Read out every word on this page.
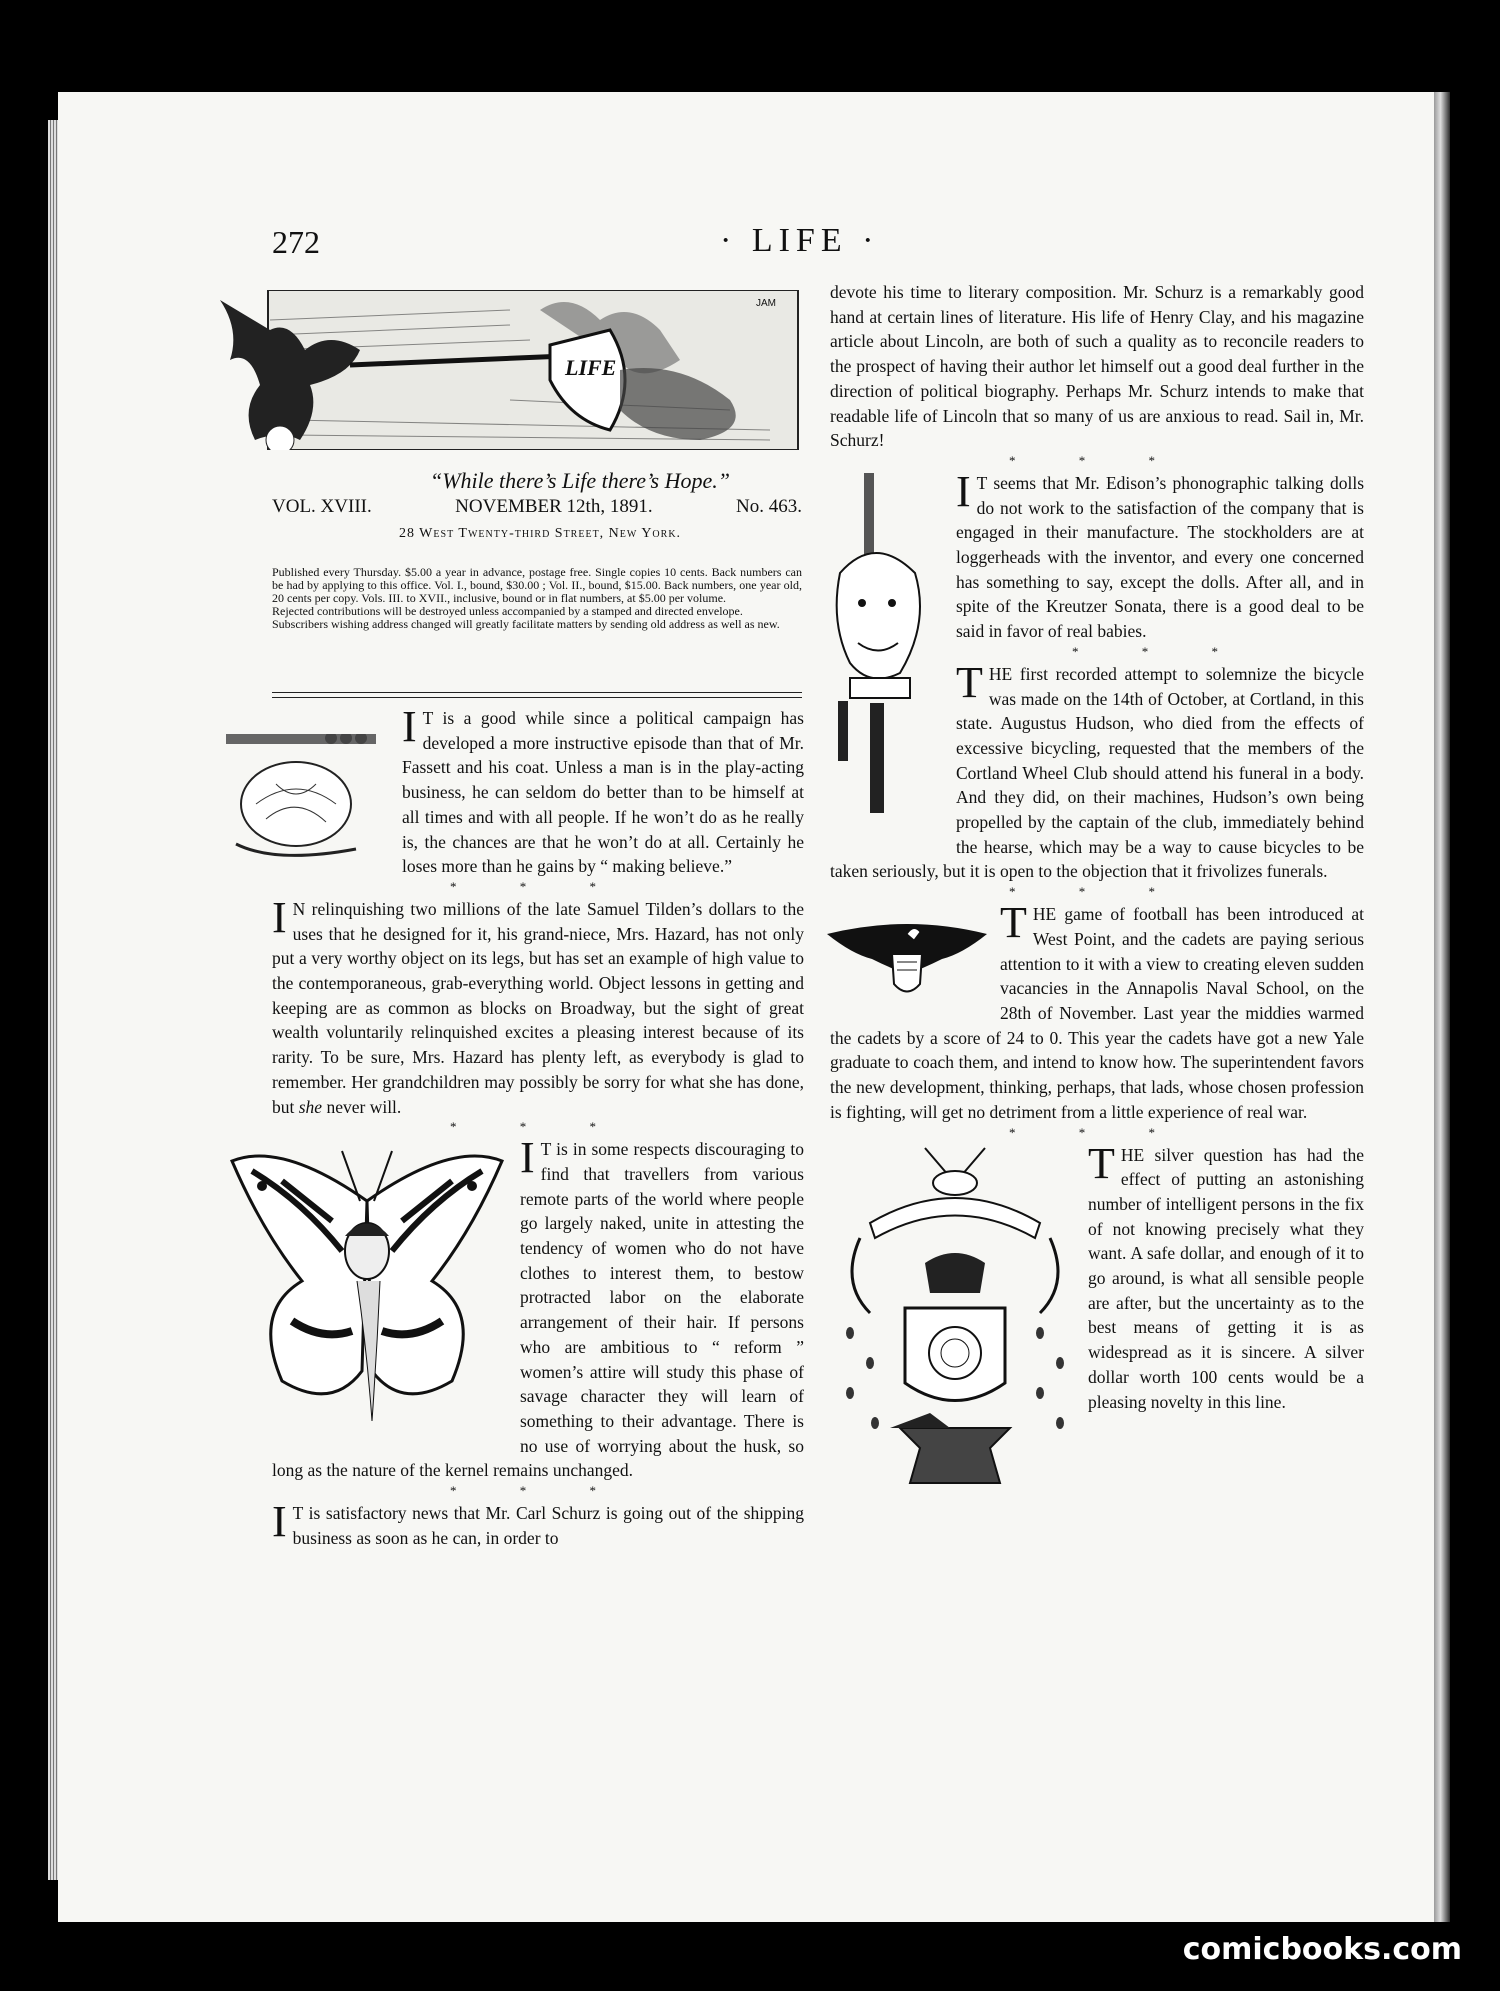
272	· LIFE ·
LIFE
JAM
“While there’s Life there’s Hope.”
VOL. XVIII.	NOVEMBER 12th, 1891.	No. 463.
28 West Twenty-third Street, New York.

Published every Thursday. $5.00 a year in advance, postage free. Single copies 10 cents. Back numbers can be had by applying to this office. Vol. I., bound, $30.00 ; Vol. II., bound, $15.00. Back numbers, one year old, 20 cents per copy. Vols. III. to XVII., inclusive, bound or in flat numbers, at $5.00 per volume.

Rejected contributions will be destroyed unless accompanied by a stamped and directed envelope.

Subscribers wishing address changed will greatly facilitate matters by sending old address as well as new.

I T is a good while since a political campaign has developed a more instructive episode than that of Mr. Fassett and his coat. Unless a man is in the play-acting business, he can seldom do better than to be himself at all times and with all people. If he won’t do as he really is, the chances are that he won’t do at all. Certainly he loses more than he gains by “ making believe.”

* * *

I N relinquishing two millions of the late Samuel Tilden’s dollars to the uses that he designed for it, his grand-niece, Mrs. Hazard, has not only put a very worthy object on its legs, but has set an example of high value to the contemporaneous, grab-everything world. Object lessons in getting and keeping are as common as blocks on Broadway, but the sight of great wealth voluntarily relinquished excites a pleasing interest because of its rarity. To be sure, Mrs. Hazard has plenty left, as everybody is glad to remember. Her grandchildren may possibly be sorry for what she has done, but she never will.

* * *

I T is in some respects discouraging to find that travellers from various remote parts of the world where people go largely naked, unite in attesting the tendency of women who do not have clothes to interest them, to bestow protracted labor on the elaborate arrangement of their hair. If persons who are ambitious to “ reform ” women’s attire will study this phase of savage character they will learn of something to their advantage. There is no use of worrying about the husk, so long as the nature of the kernel remains unchanged.

* * *

I T is satisfactory news that Mr. Carl Schurz is going out of the shipping business as soon as he can, in order to

devote his time to literary composition. Mr. Schurz is a remarkably good hand at certain lines of literature. His life of Henry Clay, and his magazine article about Lincoln, are both of such a quality as to reconcile readers to the prospect of having their author let himself out a good deal further in the direction of political biography. Perhaps Mr. Schurz intends to make that readable life of Lincoln that so many of us are anxious to read. Sail in, Mr. Schurz!

* * *

I T seems that Mr. Edison’s phonographic talking dolls do not work to the satisfaction of the company that is engaged in their manufacture. The stockholders are at loggerheads with the inventor, and every one concerned has something to say, except the dolls. After all, and in spite of the Kreutzer Sonata, there is a good deal to be said in favor of real babies.

* * *

THE first recorded attempt to solemnize the bicycle was made on the 14th of October, at Cortland, in this state. Augustus Hudson, who died from the effects of excessive bicycling, requested that the members of the Cortland Wheel Club should attend his funeral in a body. And they did, on their machines, Hudson’s own being propelled by the captain of the club, immediately behind the hearse, which may be a way to cause bicycles to be taken seriously, but it is open to the objection that it frivolizes funerals.

* * *

THE game of football has been introduced at West Point, and the cadets are paying serious attention to it with a view to creating eleven sudden vacancies in the Annapolis Naval School, on the 28th of November. Last year the middies warmed the cadets by a score of 24 to 0. This year the cadets have got a new Yale graduate to coach them, and intend to know how. The superintendent favors the new development, thinking, perhaps, that lads, whose chosen profession is fighting, will get no detriment from a little experience of real war.

* * *

THE silver question has had the effect of putting an astonishing number of intelligent persons in the fix of not knowing precisely what they want. A safe dollar, and enough of it to go around, is what all sensible people are after, but the uncertainty as to the best means of getting it is as widespread as it is sincere. A silver dollar worth 100 cents would be a pleasing novelty in this line.

comicbooks.com
